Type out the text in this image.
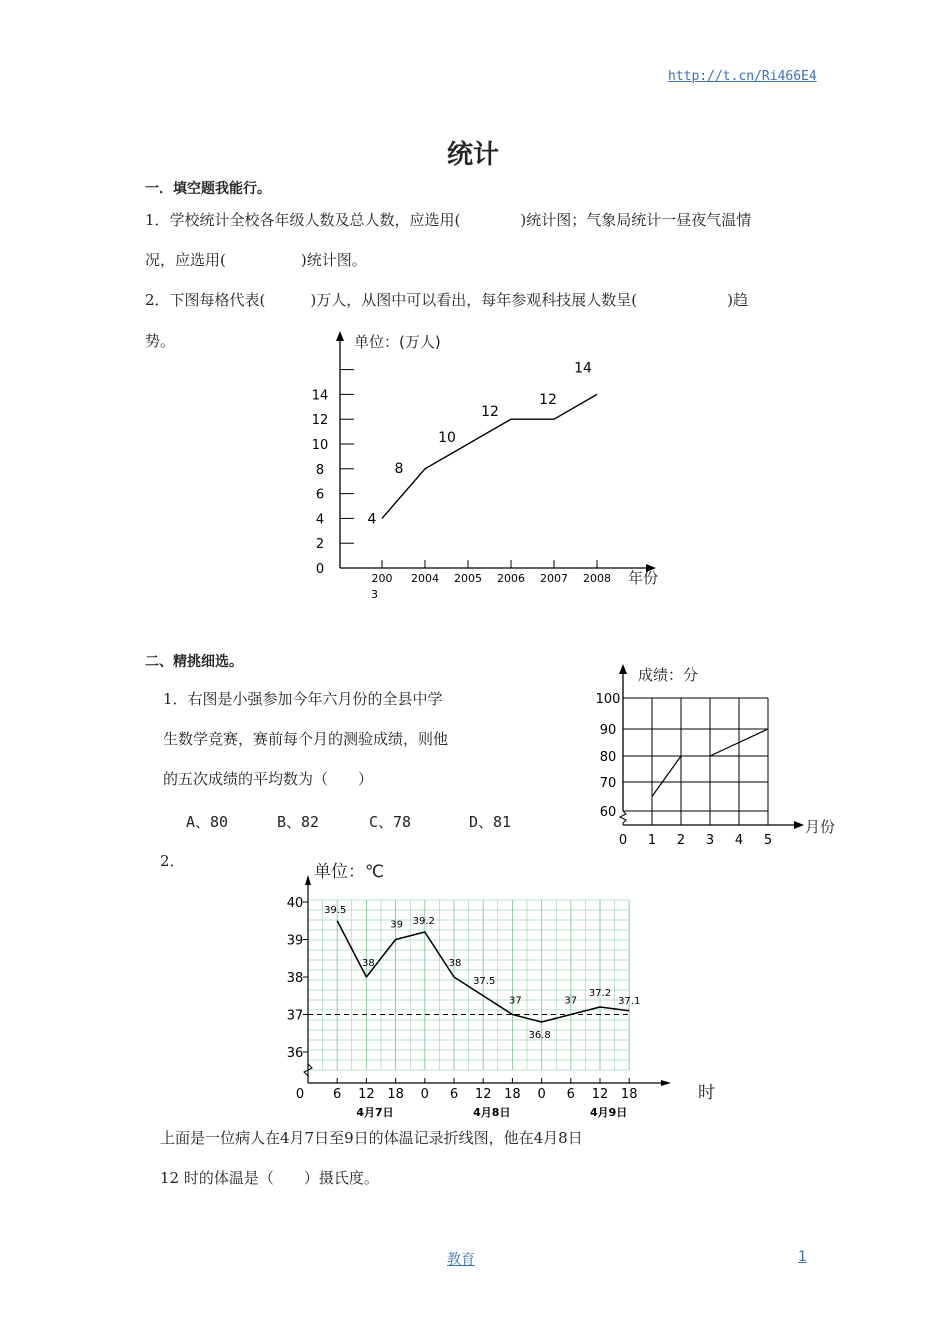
http://t.cn/Ri466E4
统计
一．填空题我能行。
1．学校统计全校各年级人数及总人数，应选用(　　　　)统计图；气象局统计一昼夜气温情
况，应选用(　　　　　)统计图。
2．下图每格代表(　　　)万人，从图中可以看出，每年参观科技展人数呈(　　　　　　)趋
势。	单位：(万人)
年份
0
2
4
6
8
10
12
14
200
3
2004 2005 2006 2007 2008
4
8
10
12
12
14
二、精挑细选。
1．右图是小强参加今年六月份的全县中学
生数学竞赛，赛前每个月的测验成绩，则他
的五次成绩的平均数为（　　）
A、80	B、82	C、78	D、81
成绩：分
月份
60
70
80
90
100
0 1 2 3 4 5
2．
单位：℃
时
36
37
38
39
40
0 6 12 18 0 6 12 18 0 6 12 18
4月7日	4月8日	4月9日
39.5
38
39 39.2
38
37.5
37
36.8
37
37.2
37.1
上面是一位病人在4月7日至9日的体温记录折线图，他在4月8日
12 时的体温是（　　）摄氏度。
教育	1
